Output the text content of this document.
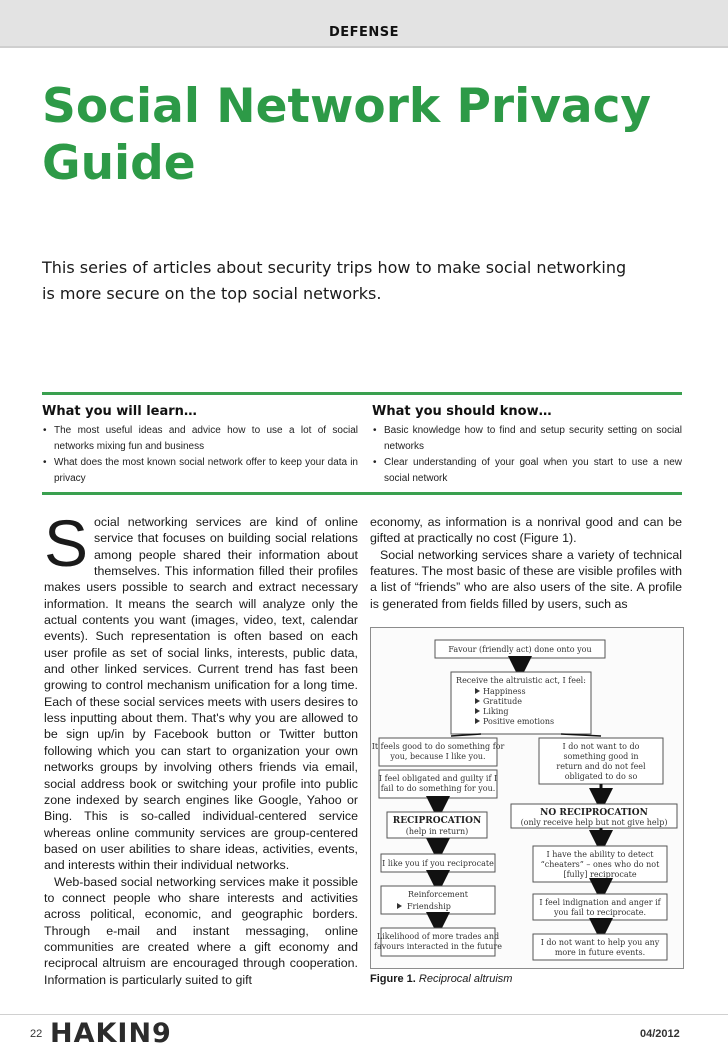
DEFENSE
Social Network Privacy
Guide

This series of articles about security trips how to make social networking is more secure on the top social networks.

What you will learn…
• The most useful ideas and advice how to use a lot of social networks mixing fun and business
• What does the most known social network offer to keep your data in privacy
What you should know…
• Basic knowledge how to find and setup security setting on social networks
• Clear understanding of your goal when you start to use a new social network

Social networking services are kind of online service that focuses on building social relations among people shared their information about themselves. This information filled their profiles makes users possible to search and extract necessary information. It means the search will analyze only the actual contents you want (images, video, text, calendar events). Such representation is often based on each user profile as set of social links, interests, public data, and other linked services. Current trend has fast been growing to control mechanism unification for a long time. Each of these social services meets with users desires to less inputting about them. That's why you are allowed to be sign up/in by Facebook button or Twitter button following which you can start to organization your own networks groups by involving others friends via email, social address book or switching your profile into public zone indexed by search engines like Google, Yahoo or Bing. This is so-called individual-centered service whereas online community services are group-centered based on user abilities to share ideas, activities, events, and interests within their individual networks.

Web-based social networking services make it possible to connect people who share interests and activities across political, economic, and geographic borders. Through e-mail and instant messaging, online communities are created where a gift economy and reciprocal altruism are encouraged through cooperation. Information is particularly suited to gift

economy, as information is a nonrival good and can be gifted at practically no cost (Figure 1).

Social networking services share a variety of technical features. The most basic of these are visible profiles with a list of “friends” who are also users of the site. A profile is generated from fields filled by users, such as

Favour (friendly act) done onto you
Receive the altruistic act, I feel:
Happiness
Gratitude
Liking
Positive emotions
It feels good to do something for
you, because I like you.
I feel obligated and guilty if I
fail to do something for you.
RECIPROCATION
(help in return)
I like you if you reciprocate
Reinforcement
Friendship
Likelihood of more trades and
favours interacted in the future
I do not want to do
something good in
return and do not feel
obligated to do so
NO RECIPROCATION
(only receive help but not give help)
I have the ability to detect
“cheaters” – ones who do not
[fully] reciprocate
I feel indignation and anger if
you fail to reciprocate.
I do not want to help you any
more in future events.
Figure 1. Reciprocal altruism
22 HAKIN9	04/2012
